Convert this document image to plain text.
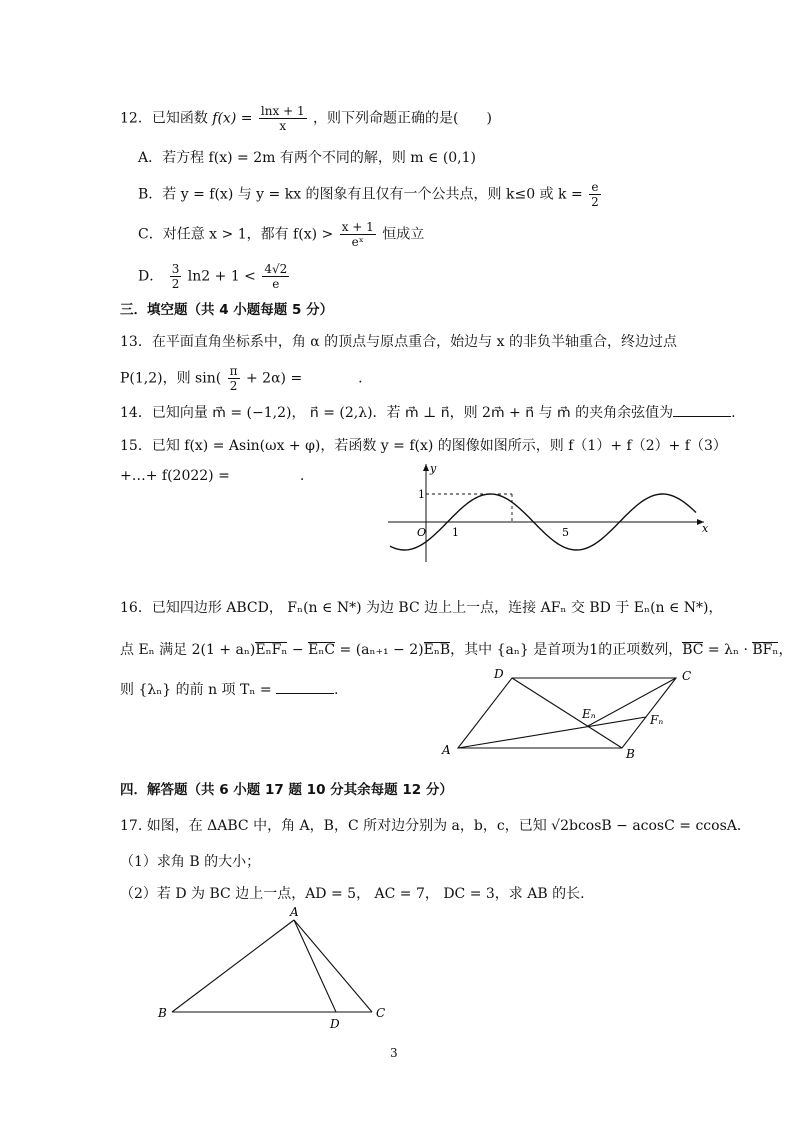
12．已知函数 $f(x) = \frac{\ln x + 1}{x}$ ，则下列命题正确的是(　　)
A．若方程 f(x) = 2m 有两个不同的解，则 m ∈ (0,1)
B．若 y = f(x) 与 y = kx 的图象有且仅有一个公共点，则 k≤0 或 $k = \frac{e}{2}$
C．对任意 x > 1，都有 $f(x) > \frac{x + 1}{\text{eˣ}}$ 恒成立
D． $\frac{3}{2} \ln 2 + 1 < \frac{4√2}{e}$
三．填空题（共 4 小题每题 5 分）
13．在平面直角坐标系中，角 α 的顶点与原点重合，始边与 x 的非负半轴重合，终边过点
P(1,2)，则 $\sin( \frac{\pi}{2} + 2\alpha)$ =　　　　.
14．已知向量 m⃗ = (−1,2)， n⃗ = (2,λ)．若 m⃗ ⊥ n⃗，则 2m⃗ + n⃗ 与 m⃗ 的夹角余弦值为	.
15．已知 f(x) = Asin(ωx + φ)，若函数 y = f(x) 的图像如图所示，则 f（1）+ f（2）+ f（3）
+…+ f(2022) =　　　　　.	y
x
O 1	5
1
16．已知四边形 ABCD， Fₙ(n ∈ N*) 为边 BC 边上上一点，连接 AFₙ 交 BD 于 Eₙ(n ∈ N*)，
点 Eₙ 满足 2(1 + aₙ)EₙFₙ − EₙC = (aₙ₊₁ − 2)EₙB，其中 {aₙ} 是首项为1的正项数列，BC = λₙ · BFₙ，
则 {λₙ} 的前 n 项 Tₙ =	.
A	B
C
D
Eₙ	Fₙ
四．解答题（共 6 小题 17 题 10 分其余每题 12 分）
17. 如图，在 ΔABC 中，角 A，B，C 所对边分别为 a，b，c，已知 √2bcosB − acosC = ccosA．
（1）求角 B 的大小；
（2）若 D 为 BC 边上一点，AD = 5， AC = 7， DC = 3，求 AB 的长.
A
B	C
D
3
